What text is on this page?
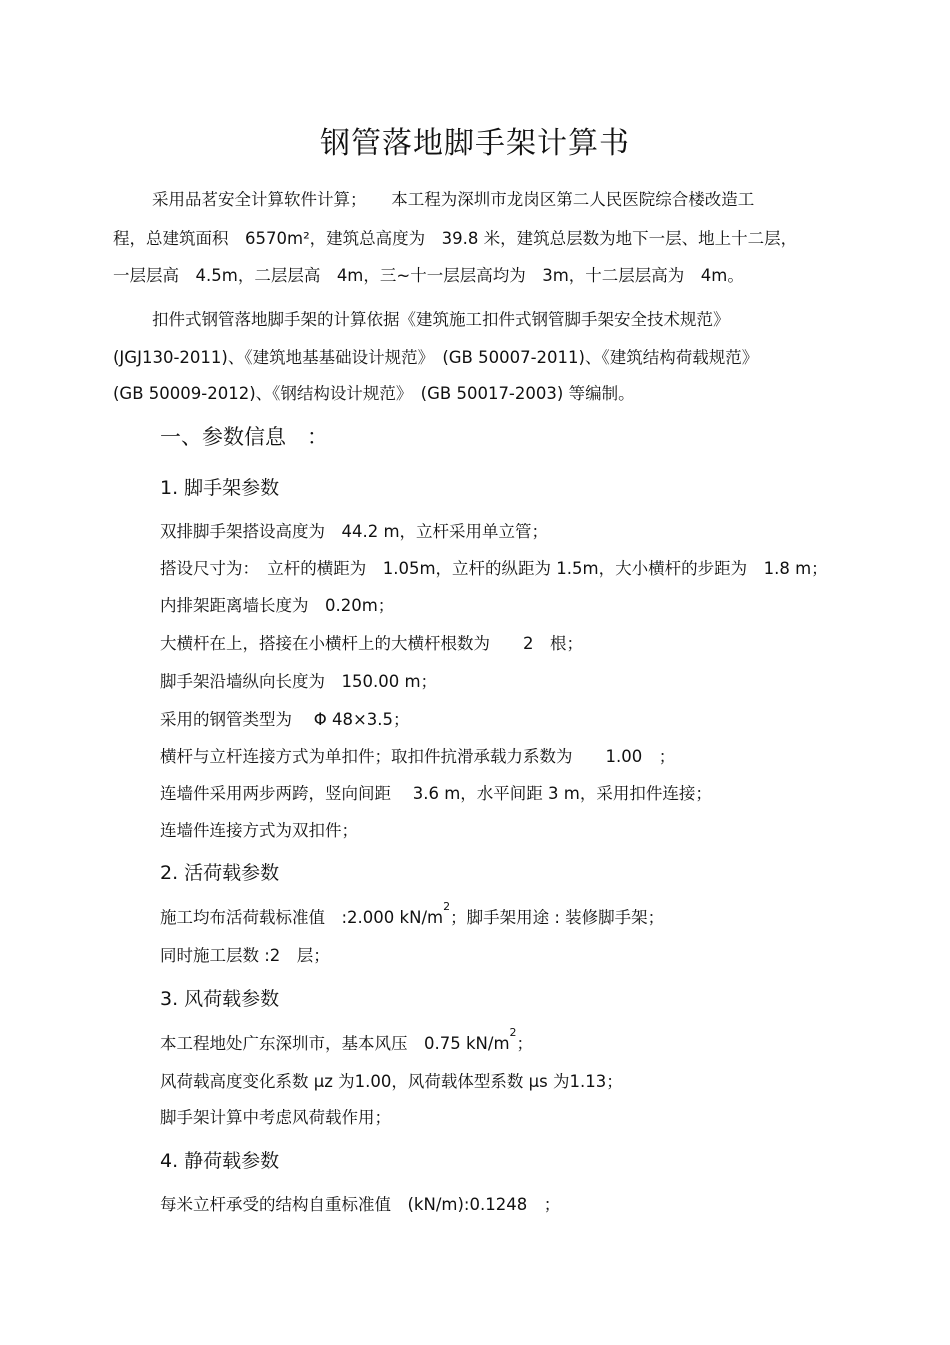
钢管落地脚手架计算书
采用品茗安全计算软件计算；　　本工程为深圳市龙岗区第二人民医院综合楼改造工
程，总建筑面积　6570m²，建筑总高度为　39.8 米，建筑总层数为地下一层、地上十二层，
一层层高　4.5m，二层层高　4m，三~十一层层高均为　3m，十二层层高为　4m。
扣件式钢管落地脚手架的计算依据《建筑施工扣件式钢管脚手架安全技术规范》
(JGJ130-2011)、《建筑地基基础设计规范》　(GB 50007-2011)、《建筑结构荷载规范》
(GB 50009-2012)、《钢结构设计规范》　(GB 50017-2003) 等编制。
一、参数信息　：
1. 脚手架参数
双排脚手架搭设高度为　44.2 m，立杆采用单立管；
搭设尺寸为：　立杆的横距为　1.05m，立杆的纵距为 1.5m，大小横杆的步距为　1.8 m；
内排架距离墙长度为　0.20m；
大横杆在上，搭接在小横杆上的大横杆根数为　　2　根；
脚手架沿墙纵向长度为　150.00 m；
采用的钢管类型为　 Φ 48×3.5；
横杆与立杆连接方式为单扣件；取扣件抗滑承载力系数为　　1.00　；
连墙件采用两步两跨，竖向间距　 3.6 m，水平间距 3 m，采用扣件连接；
连墙件连接方式为双扣件；
2. 活荷载参数
施工均布活荷载标准值　:2.000 $kN/m^2$；脚手架用途 : 装修脚手架；
同时施工层数 :2　层；
3. 风荷载参数
本工程地处广东深圳市，基本风压　0.75 $kN/m^2$；
风荷载高度变化系数 μz 为1.00，风荷载体型系数 μs 为1.13；
脚手架计算中考虑风荷载作用；
4. 静荷载参数
每米立杆承受的结构自重标准值　(kN/m):0.1248　；
